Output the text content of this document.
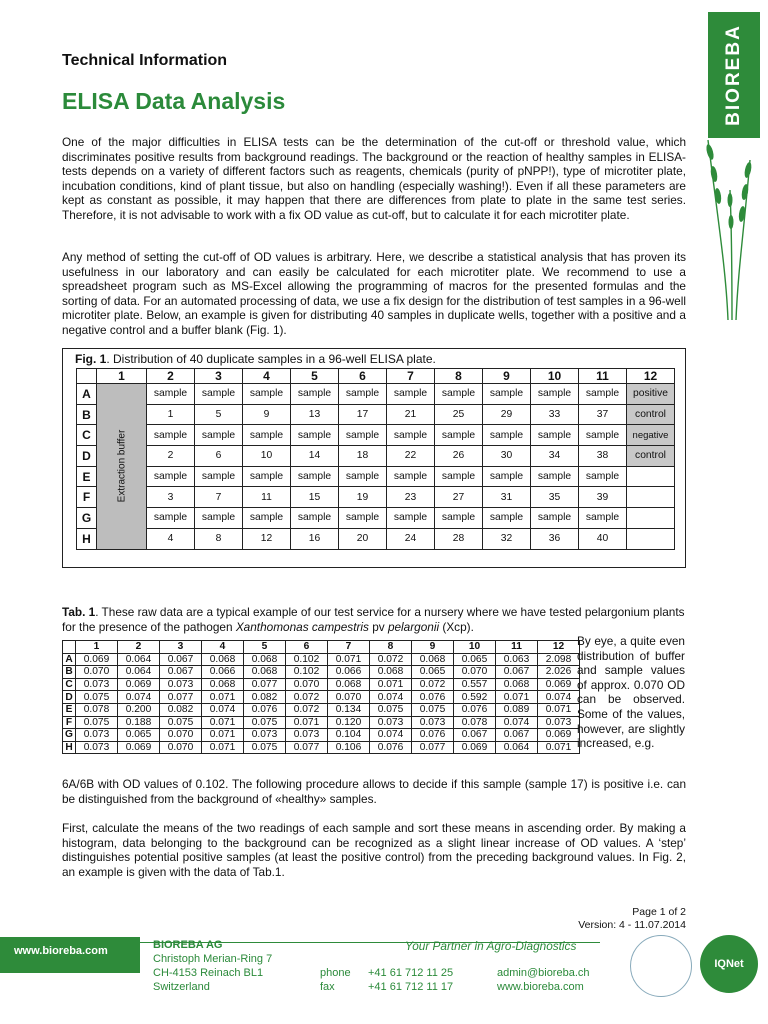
BIOREBA
Technical Information
ELISA Data Analysis

One of the major difficulties in ELISA tests can be the determination of the cut-off or threshold value, which discriminates positive results from background readings. The background or the reaction of healthy samples in ELISA-tests depends on a variety of different factors such as reagents, chemicals (purity of pNPP!), type of microtiter plate, incubation conditions, kind of plant tissue, but also on handling (especially washing!). Even if all these parameters are kept as constant as possible, it may happen that there are differences from plate to plate in the same test series. Therefore, it is not advisable to work with a fix OD value as cut-off, but to calculate it for each microtiter plate.

Any method of setting the cut-off of OD values is arbitrary. Here, we describe a statistical analysis that has proven its usefulness in our laboratory and can easily be calculated for each microtiter plate. We recommend to use a spreadsheet program such as MS-Excel allowing the programming of macros for the presented formulas and the sorting of data. For an automated processing of data, we use a fix design for the distribution of test samples in a 96-well microtiter plate. Below, an example is given for distributing 40 samples in duplicate wells, together with a positive and a negative control and a buffer blank (Fig. 1).

Fig. 1. Distribution of 40 duplicate samples in a 96-well ELISA plate.
	1	2	3	4	5	6	7	8	9	10	11	12
A	Extraction buffer	sample	sample	sample	sample	sample	sample	sample	sample	sample	sample	positive
B		1	5	9	13	17	21	25	29	33	37	control
C		sample	sample	sample	sample	sample	sample	sample	sample	sample	sample	negative
D		2	6	10	14	18	22	26	30	34	38	control
E		sample	sample	sample	sample	sample	sample	sample	sample	sample	sample	
F		3	7	11	15	19	23	27	31	35	39	
G		sample	sample	sample	sample	sample	sample	sample	sample	sample	sample	
H		4	8	12	16	20	24	28	32	36	40	
Tab. 1. These raw data are a typical example of our test service for a nursery where we have tested pelargonium plants for the presence of the pathogen Xanthomonas campestris pv pelargonii (Xcp).
	1	2	3	4	5	6	7	8	9	10	11	12
A	0.069	0.064	0.067	0.068	0.068	0.102	0.071	0.072	0.068	0.065	0.063	2.098
B	0.070	0.064	0.067	0.066	0.068	0.102	0.066	0.068	0.065	0.070	0.067	2.026
C	0.073	0.069	0.073	0.068	0.077	0.070	0.068	0.071	0.072	0.557	0.068	0.069
D	0.075	0.074	0.077	0.071	0.082	0.072	0.070	0.074	0.076	0.592	0.071	0.074
E	0.078	0.200	0.082	0.074	0.076	0.072	0.134	0.075	0.075	0.076	0.089	0.071
F	0.075	0.188	0.075	0.071	0.075	0.071	0.120	0.073	0.073	0.078	0.074	0.073
G	0.073	0.065	0.070	0.071	0.073	0.073	0.104	0.074	0.076	0.067	0.067	0.069
H	0.073	0.069	0.070	0.071	0.075	0.077	0.106	0.076	0.077	0.069	0.064	0.071
By eye, a quite even distribution of buffer and sample values of approx. 0.070 OD can be observed. Some of the values, however, are slightly increased, e.g.

6A/6B with OD values of 0.102. The following procedure allows to decide if this sample (sample 17) is positive i.e. can be distinguished from the background of «healthy» samples.

First, calculate the means of the two readings of each sample and sort these means in ascending order. By making a histogram, data belonging to the background can be recognized as a slight linear increase of OD values. A ‘step’ distinguishes potential positive samples (at least the positive control) from the preceding background values. In Fig. 2, an example is given with the data of Tab.1.

Page 1 of 2
Version: 4 - 11.07.2014
www.bioreba.com	BIOREBA AG	Your Partner in Agro-Diagnostics
Christoph Merian-Ring 7
CH-4153 Reinach BL1
Switzerland
phone +41 61 712 11 25
fax	+41 61 712 11 17
admin@bioreba.ch
www.bioreba.com
IQNet
